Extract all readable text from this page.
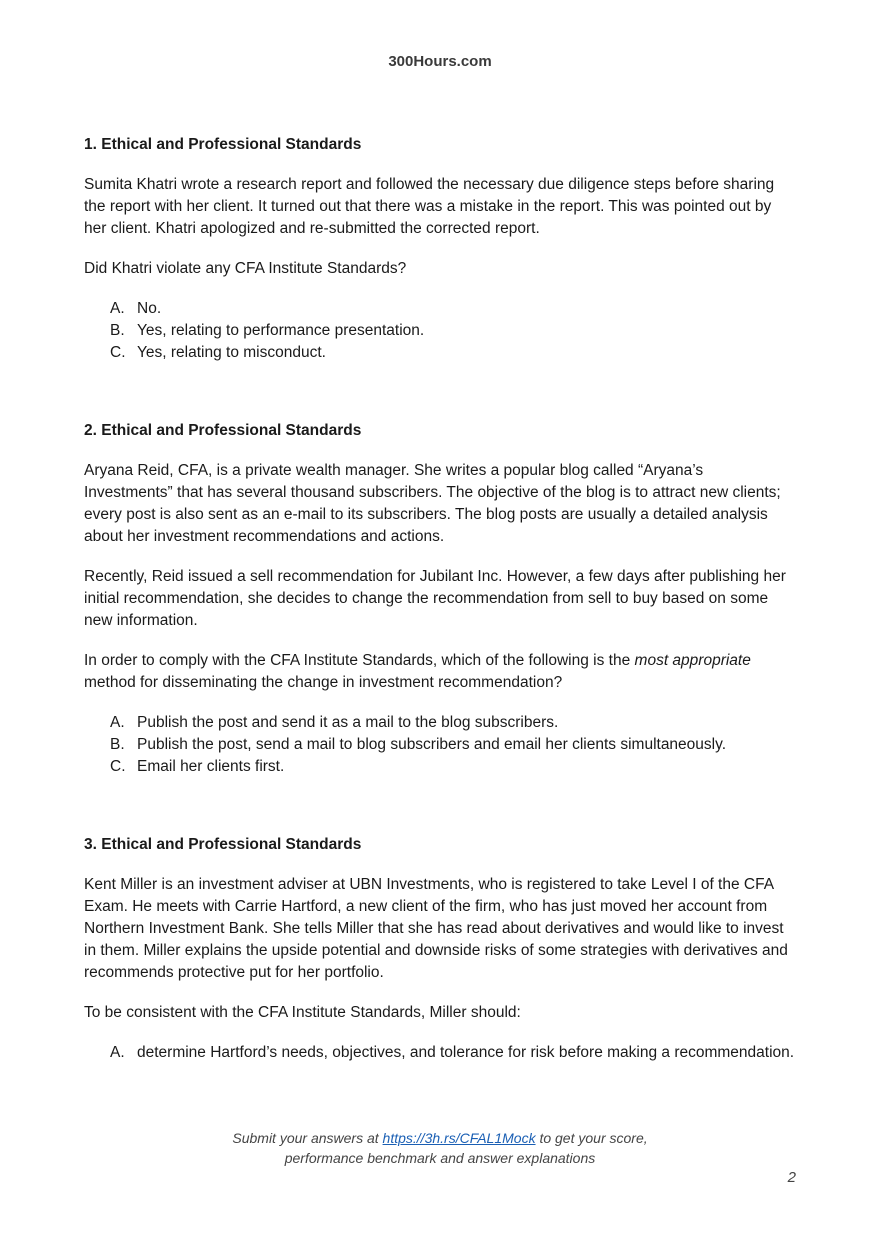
300Hours.com
1. Ethical and Professional Standards

Sumita Khatri wrote a research report and followed the necessary due diligence steps before sharing the report with her client. It turned out that there was a mistake in the report. This was pointed out by her client. Khatri apologized and re-submitted the corrected report.

Did Khatri violate any CFA Institute Standards?

A. No.
B. Yes, relating to performance presentation.
C. Yes, relating to misconduct.
2. Ethical and Professional Standards

Aryana Reid, CFA, is a private wealth manager. She writes a popular blog called “Aryana’s Investments” that has several thousand subscribers. The objective of the blog is to attract new clients; every post is also sent as an e-mail to its subscribers. The blog posts are usually a detailed analysis about her investment recommendations and actions.

Recently, Reid issued a sell recommendation for Jubilant Inc. However, a few days after publishing her initial recommendation, she decides to change the recommendation from sell to buy based on some new information.

In order to comply with the CFA Institute Standards, which of the following is the most appropriate method for disseminating the change in investment recommendation?

A. Publish the post and send it as a mail to the blog subscribers.
B. Publish the post, send a mail to blog subscribers and email her clients simultaneously.
C. Email her clients first.
3. Ethical and Professional Standards

Kent Miller is an investment adviser at UBN Investments, who is registered to take Level I of the CFA Exam. He meets with Carrie Hartford, a new client of the firm, who has just moved her account from Northern Investment Bank. She tells Miller that she has read about derivatives and would like to invest in them. Miller explains the upside potential and downside risks of some strategies with derivatives and recommends protective put for her portfolio.

To be consistent with the CFA Institute Standards, Miller should:

A. determine Hartford’s needs, objectives, and tolerance for risk before making a recommendation.
Submit your answers at https://3h.rs/CFAL1Mock to get your score,
performance benchmark and answer explanations
2
